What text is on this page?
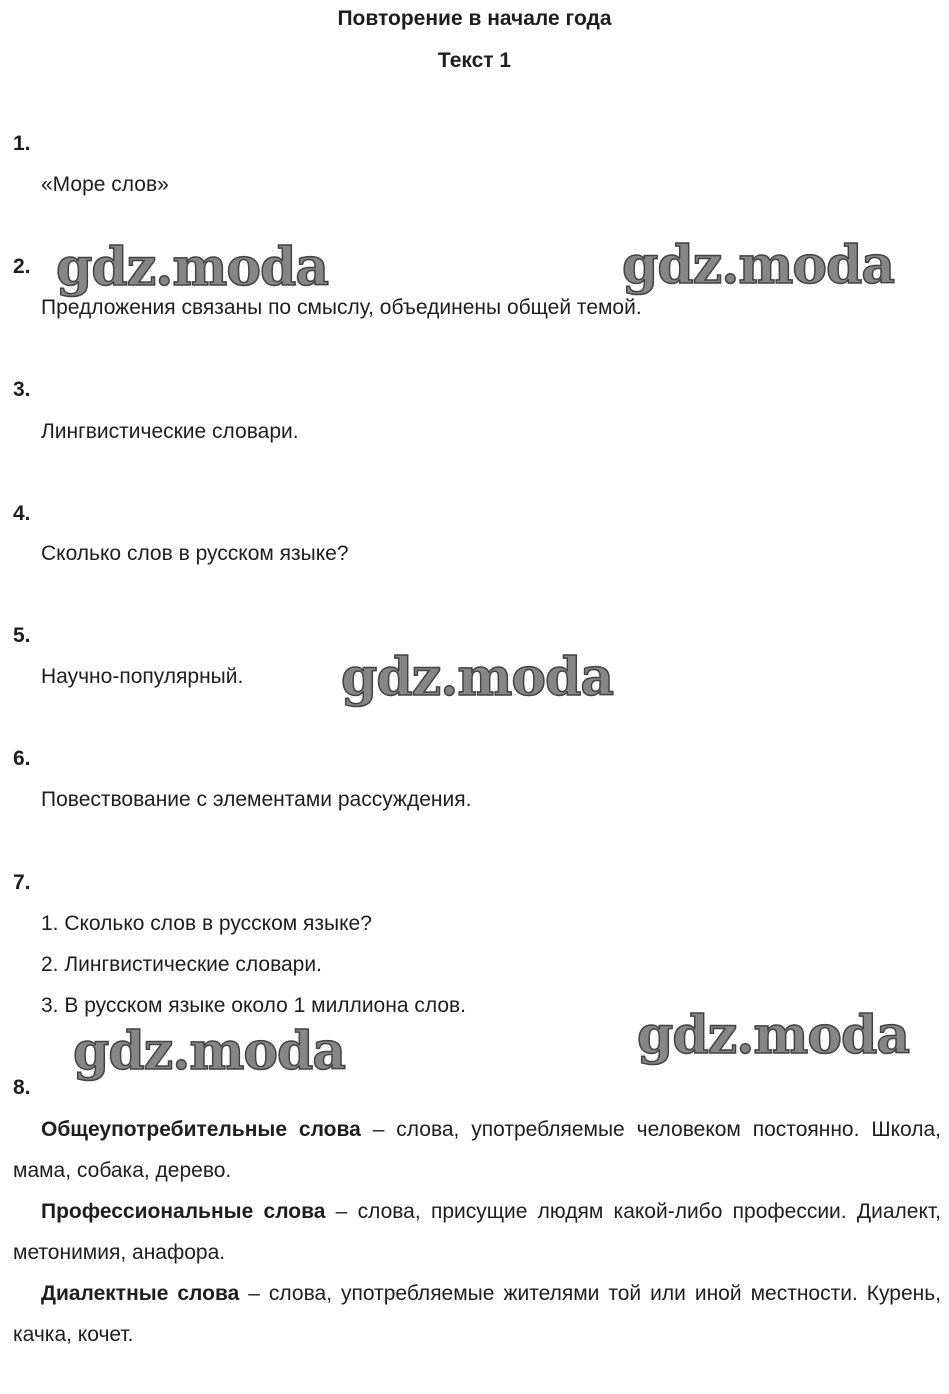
Повторение в начале года
Текст 1
1.
«Море слов»
2.
Предложения связаны по смыслу, объединены общей темой.
3.
Лингвистические словари.
4.
Сколько слов в русском языке?
5.
Научно-популярный.
6.
Повествование с элементами рассуждения.
7.
1. Сколько слов в русском языке?
2. Лингвистические словари.
3. В русском языке около 1 миллиона слов.
8.

Общеупотребительные слова – слова, употребляемые человеком постоянно. Школа, мама, собака, дерево.

Профессиональные слова – слова, присущие людям какой-либо профессии. Диалект, метонимия, анафора.

Диалектные слова – слова, употребляемые жителями той или иной местности. Курень, качка, кочет.

gdz.moda	gdz.moda
gdz.moda
gdz.moda
gdz.moda
